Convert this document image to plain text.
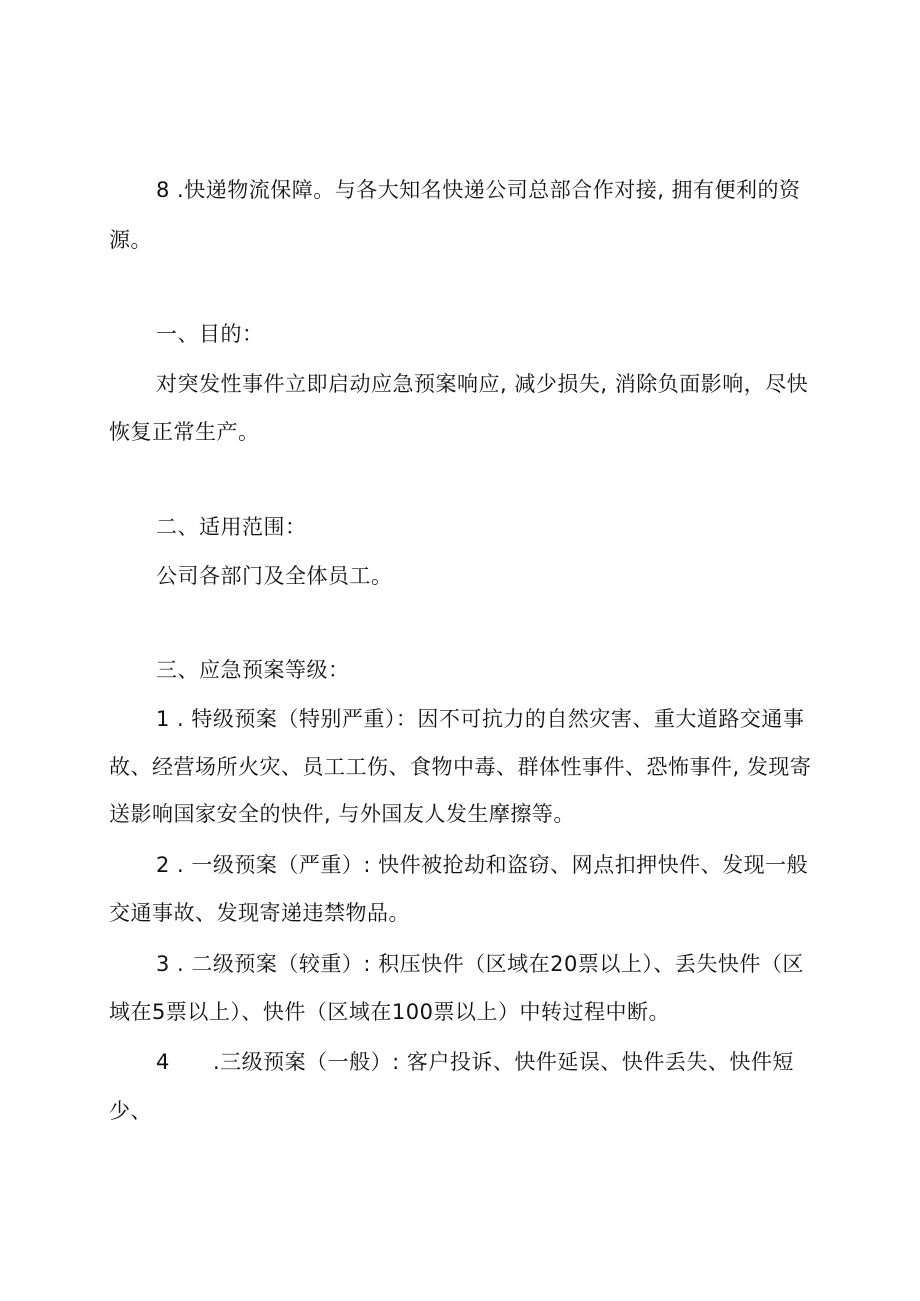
8 .快递物流保障。与各大知名快递公司总部合作对接, 拥有便利的资
源。
一、目的：
对突发性事件立即启动应急预案响应, 减少损失, 消除负面影响，尽快
恢复正常生产。
二、适用范围：
公司各部门及全体员工。
三、应急预案等级：
1 . 特级预案（特别严重）：因不可抗力的自然灾害、重大道路交通事
故、经营场所火灾、员工工伤、食物中毒、群体性事件、恐怖事件, 发现寄
送影响国家安全的快件, 与外国友人发生摩擦等。
2 . 一级预案（严重）: 快件被抢劫和盗窃、网点扣押快件、发现一般
交通事故、发现寄递违禁物品。
3 . 二级预案（较重）: 积压快件（区域在20票以上）、丢失快件（区
域在5票以上）、快件（区域在100票以上）中转过程中断。
4 .三级预案（一般）: 客户投诉、快件延误、快件丢失、快件短
少、
